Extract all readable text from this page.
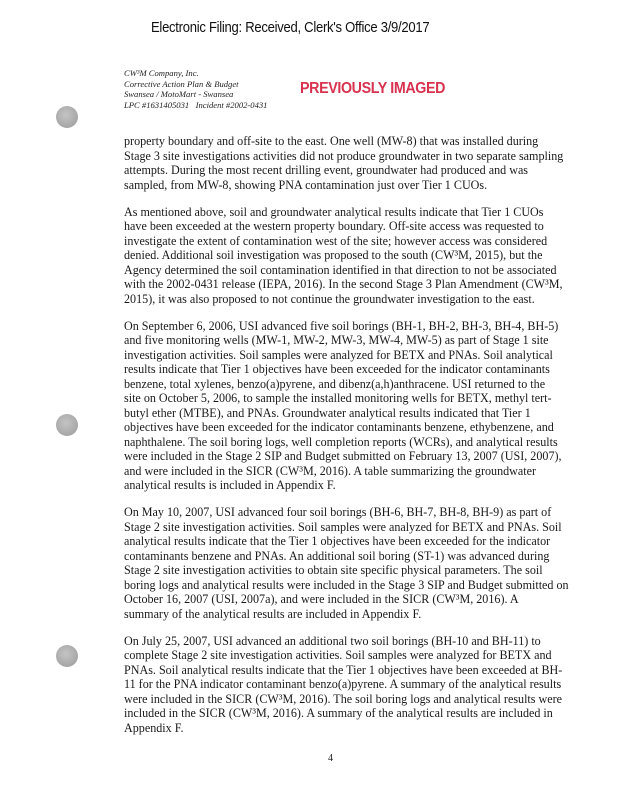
Electronic Filing: Received, Clerk's Office 3/9/2017
CW³M Company, Inc.
Corrective Action Plan & Budget
Swansea / MotoMart - Swansea
LPC #1631405031   Incident #2002-0431
PREVIOUSLY IMAGED
property boundary and off-site to the east. One well (MW-8) that was installed during
Stage 3 site investigations activities did not produce groundwater in two separate sampling
attempts. During the most recent drilling event, groundwater had produced and was
sampled, from MW-8, showing PNA contamination just over Tier 1 CUOs.
As mentioned above, soil and groundwater analytical results indicate that Tier 1 CUOs
have been exceeded at the western property boundary. Off-site access was requested to
investigate the extent of contamination west of the site; however access was considered
denied. Additional soil investigation was proposed to the south (CW³M, 2015), but the
Agency determined the soil contamination identified in that direction to not be associated
with the 2002-0431 release (IEPA, 2016). In the second Stage 3 Plan Amendment (CW³M,
2015), it was also proposed to not continue the groundwater investigation to the east.
On September 6, 2006, USI advanced five soil borings (BH-1, BH-2, BH-3, BH-4, BH-5)
and five monitoring wells (MW-1, MW-2, MW-3, MW-4, MW-5) as part of Stage 1 site
investigation activities. Soil samples were analyzed for BETX and PNAs. Soil analytical
results indicate that Tier 1 objectives have been exceeded for the indicator contaminants
benzene, total xylenes, benzo(a)pyrene, and dibenz(a,h)anthracene. USI returned to the
site on October 5, 2006, to sample the installed monitoring wells for BETX, methyl tert-
butyl ether (MTBE), and PNAs. Groundwater analytical results indicated that Tier 1
objectives have been exceeded for the indicator contaminants benzene, ethybenzene, and
naphthalene. The soil boring logs, well completion reports (WCRs), and analytical results
were included in the Stage 2 SIP and Budget submitted on February 13, 2007 (USI, 2007),
and were included in the SICR (CW³M, 2016). A table summarizing the groundwater
analytical results is included in Appendix F.
On May 10, 2007, USI advanced four soil borings (BH-6, BH-7, BH-8, BH-9) as part of
Stage 2 site investigation activities. Soil samples were analyzed for BETX and PNAs. Soil
analytical results indicate that the Tier 1 objectives have been exceeded for the indicator
contaminants benzene and PNAs. An additional soil boring (ST-1) was advanced during
Stage 2 site investigation activities to obtain site specific physical parameters. The soil
boring logs and analytical results were included in the Stage 3 SIP and Budget submitted on
October 16, 2007 (USI, 2007a), and were included in the SICR (CW³M, 2016). A
summary of the analytical results are included in Appendix F.
On July 25, 2007, USI advanced an additional two soil borings (BH-10 and BH-11) to
complete Stage 2 site investigation activities. Soil samples were analyzed for BETX and
PNAs. Soil analytical results indicate that the Tier 1 objectives have been exceeded at BH-
11 for the PNA indicator contaminant benzo(a)pyrene. A summary of the analytical results
were included in the SICR (CW³M, 2016). The soil boring logs and analytical results were
included in the SICR (CW³M, 2016). A summary of the analytical results are included in
Appendix F.
4
